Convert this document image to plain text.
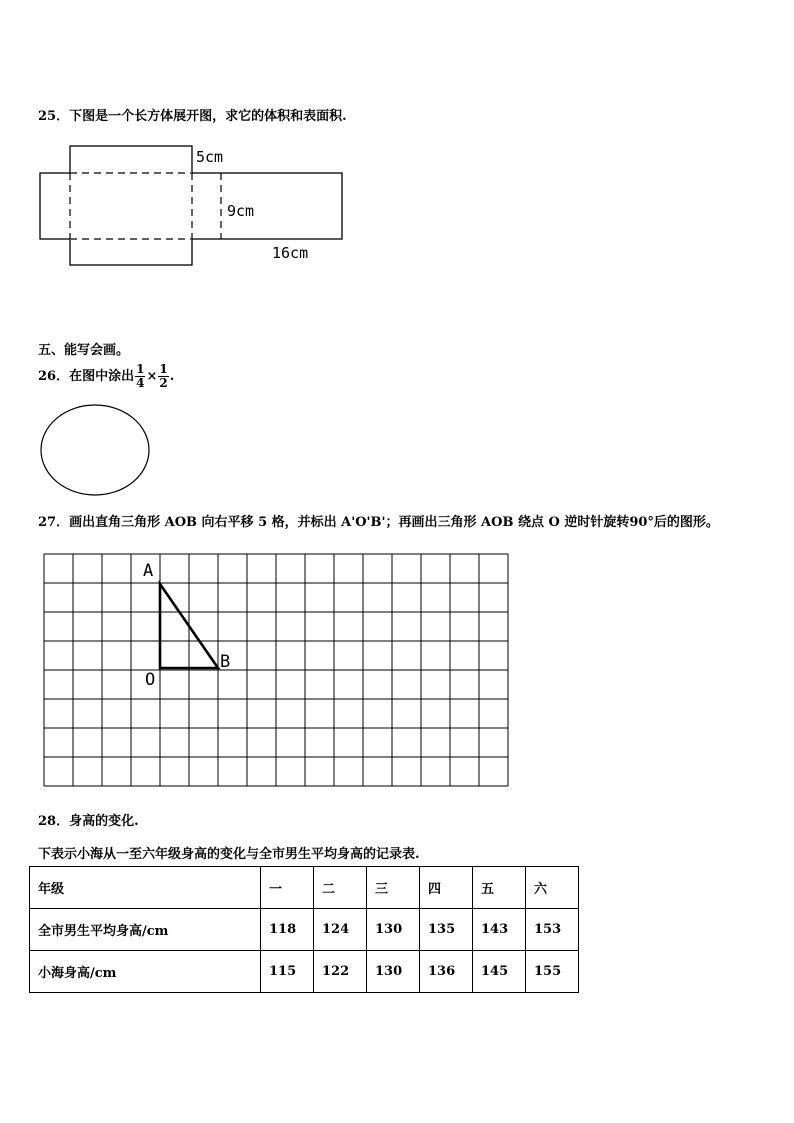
25．下图是一个长方体展开图，求它的体积和表面积.
5cm
9cm
16cm
五、能写会画。
26．在图中涂出 $\frac{1}{4} \times \frac{1}{2}$ .
27．画出直角三角形 AOB 向右平移 5 格，并标出 A'O'B'；再画出三角形 AOB 绕点 O 逆时针旋转90°后的图形。
A
O
B
28．身高的变化.
下表示小海从一至六年级身高的变化与全市男生平均身高的记录表.
年级	一	二	三	四	五	六
全市男生平均身高/cm	118	124	130	135	143	153
小海身高/cm	115	122	130	136	145	155
